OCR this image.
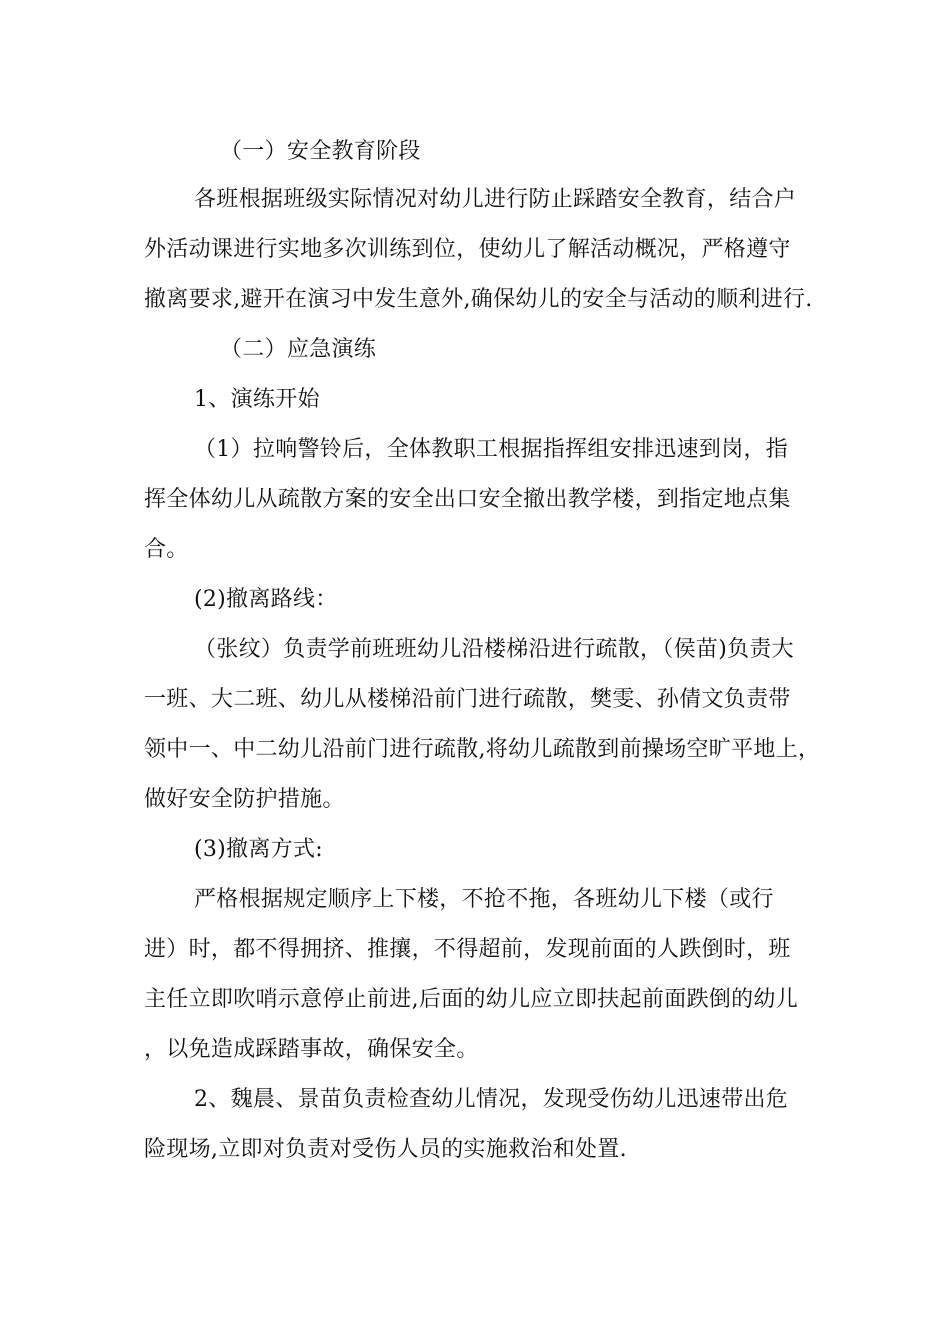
（一）安全教育阶段
各班根据班级实际情况对幼儿进行防止踩踏安全教育，结合户
外活动课进行实地多次训练到位，使幼儿了解活动概况，严格遵守
撤离要求,避开在演习中发生意外,确保幼儿的安全与活动的顺利进行.
（二）应急演练
1、演练开始
（1）拉响警铃后，全体教职工根据指挥组安排迅速到岗，指
挥全体幼儿从疏散方案的安全出口安全撤出教学楼，到指定地点集
合。
(2)撤离路线：
（张纹）负责学前班班幼儿沿楼梯沿进行疏散，（侯苗)负责大
一班、大二班、幼儿从楼梯沿前门进行疏散，樊雯、孙倩文负责带
领中一、中二幼儿沿前门进行疏散,将幼儿疏散到前操场空旷平地上，
做好安全防护措施。
(3)撤离方式:
严格根据规定顺序上下楼，不抢不拖，各班幼儿下楼（或行
进）时，都不得拥挤、推攘，不得超前，发现前面的人跌倒时，班
主任立即吹哨示意停止前进,后面的幼儿应立即扶起前面跌倒的幼儿
，以免造成踩踏事故，确保安全。
2、魏晨、景苗负责检查幼儿情况，发现受伤幼儿迅速带出危
险现场,立即对负责对受伤人员的实施救治和处置.
